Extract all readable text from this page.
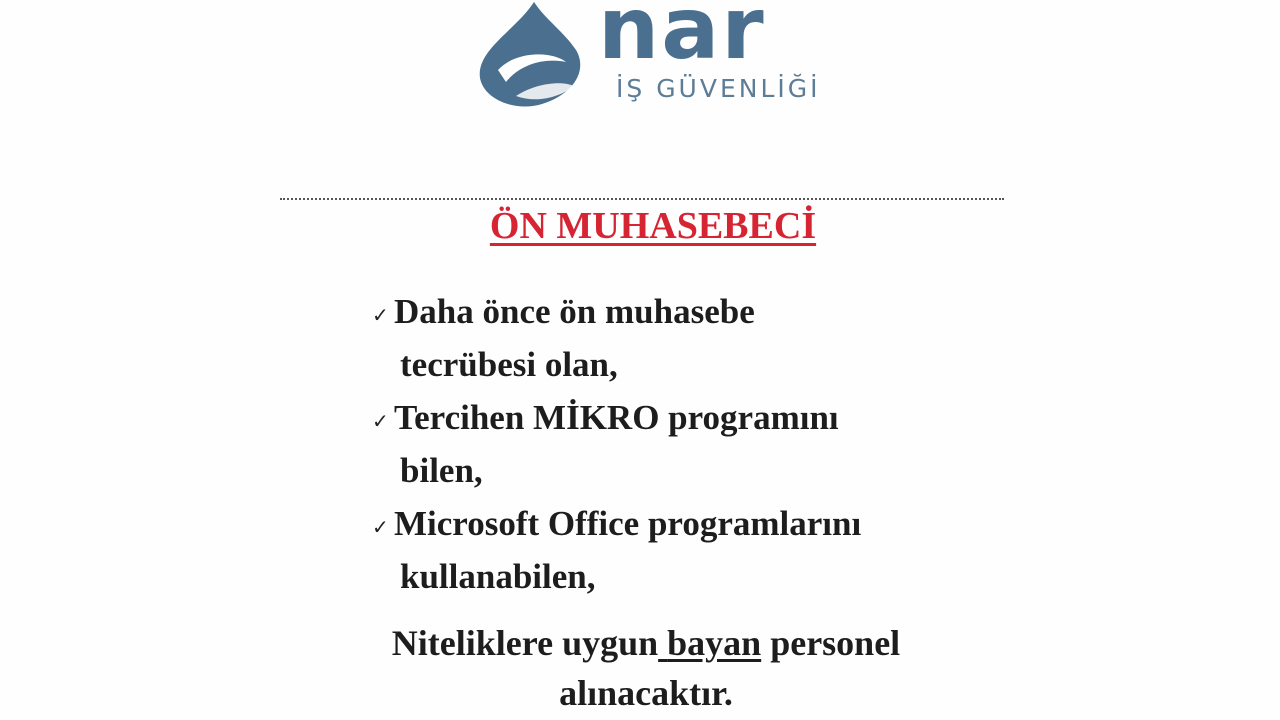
nar
İŞ GÜVENLİĞİ
ÖN MUHASEBECİ
✓ Daha önce ön muhasebe
tecrübesi olan,
✓ Tercihen MİKRO programını
bilen,
✓ Microsoft Office programlarını
kullanabilen,
Niteliklere uygun bayan personel
alınacaktır.
